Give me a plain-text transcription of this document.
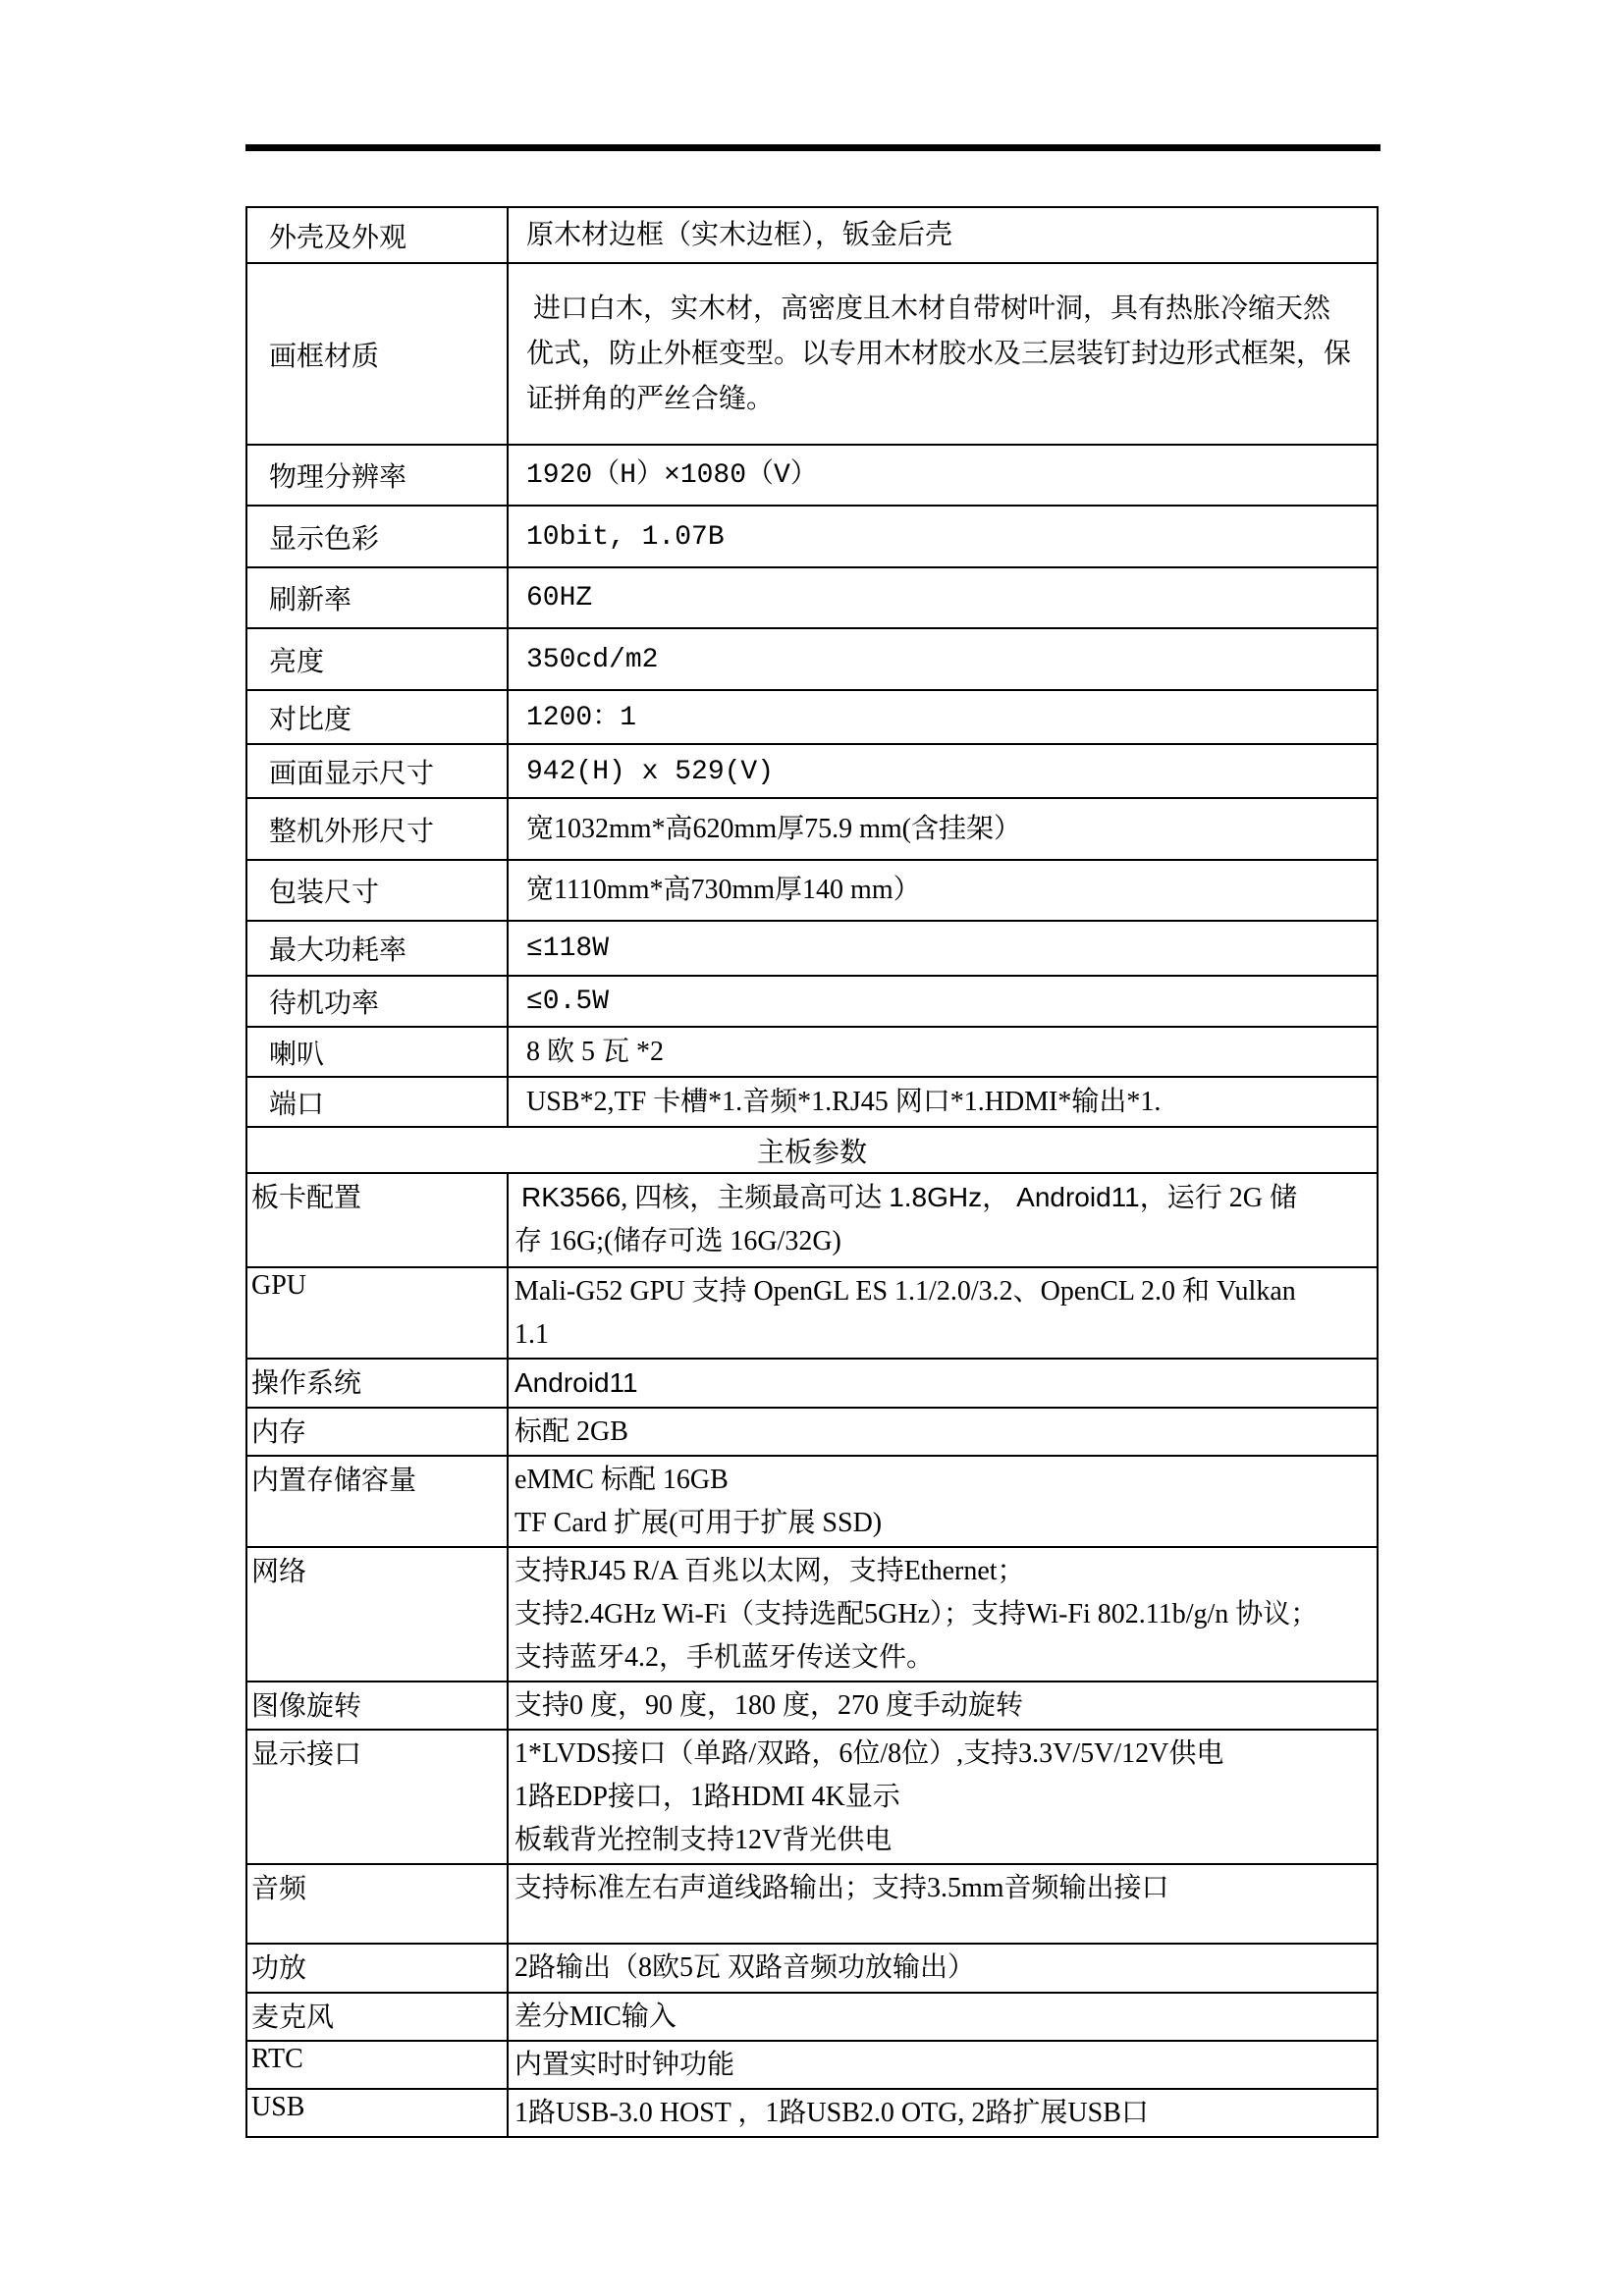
外壳及外观	原木材边框（实木边框），钣金后壳

画框材质	进口白木，实木材，高密度且木材自带树叶洞，具有热胀冷缩天然
优式，防止外框变型。以专用木材胶水及三层装钉封边形式框架，保
证拼角的严丝合缝。

物理分辨率	1920（H）×1080（V）

显示色彩	10bit, 1.07B

刷新率	60HZ

亮度	350cd/m2

对比度	1200：1

画面显示尺寸	942(H) x 529(V)

整机外形尺寸	宽1032mm*高620mm厚75.9 mm(含挂架）

包装尺寸	宽1110mm*高730mm厚140 mm）

最大功耗率	≤118W

待机功率	≤0.5W

喇叭	8 欧 5 瓦 *2

端口	USB*2,TF 卡槽*1.音频*1.RJ45 网口*1.HDMI*输出*1.

主板参数	
板卡配置	RK3566, 四核，主频最高可达 1.8GHz， Android11，运行 2G 储
存 16G;(储存可选 16G/32G)

GPU	Mali-G52 GPU 支持 OpenGL ES 1.1/2.0/3.2、OpenCL 2.0 和 Vulkan
1.1

操作系统	Android11

内存	标配 2GB

内置存储容量	eMMC 标配 16GB
TF Card 扩展(可用于扩展 SSD)

网络	支持RJ45 R/A 百兆以太网，支持Ethernet；
支持2.4GHz Wi-Fi（支持选配5GHz）；支持Wi-Fi 802.11b/g/n 协议；
支持蓝牙4.2，手机蓝牙传送文件。

图像旋转	支持0 度，90 度，180 度，270 度手动旋转

显示接口	1*LVDS接口（单路/双路，6位/8位）,支持3.3V/5V/12V供电
1路EDP接口，1路HDMI 4K显示
板载背光控制支持12V背光供电

音频	支持标准左右声道线路输出；支持3.5mm音频输出接口

功放	2路输出（8欧5瓦 双路音频功放输出）

麦克风	差分MIC输入

RTC	内置实时时钟功能

USB	1路USB-3.0 HOST ，1路USB2.0 OTG, 2路扩展USB口
